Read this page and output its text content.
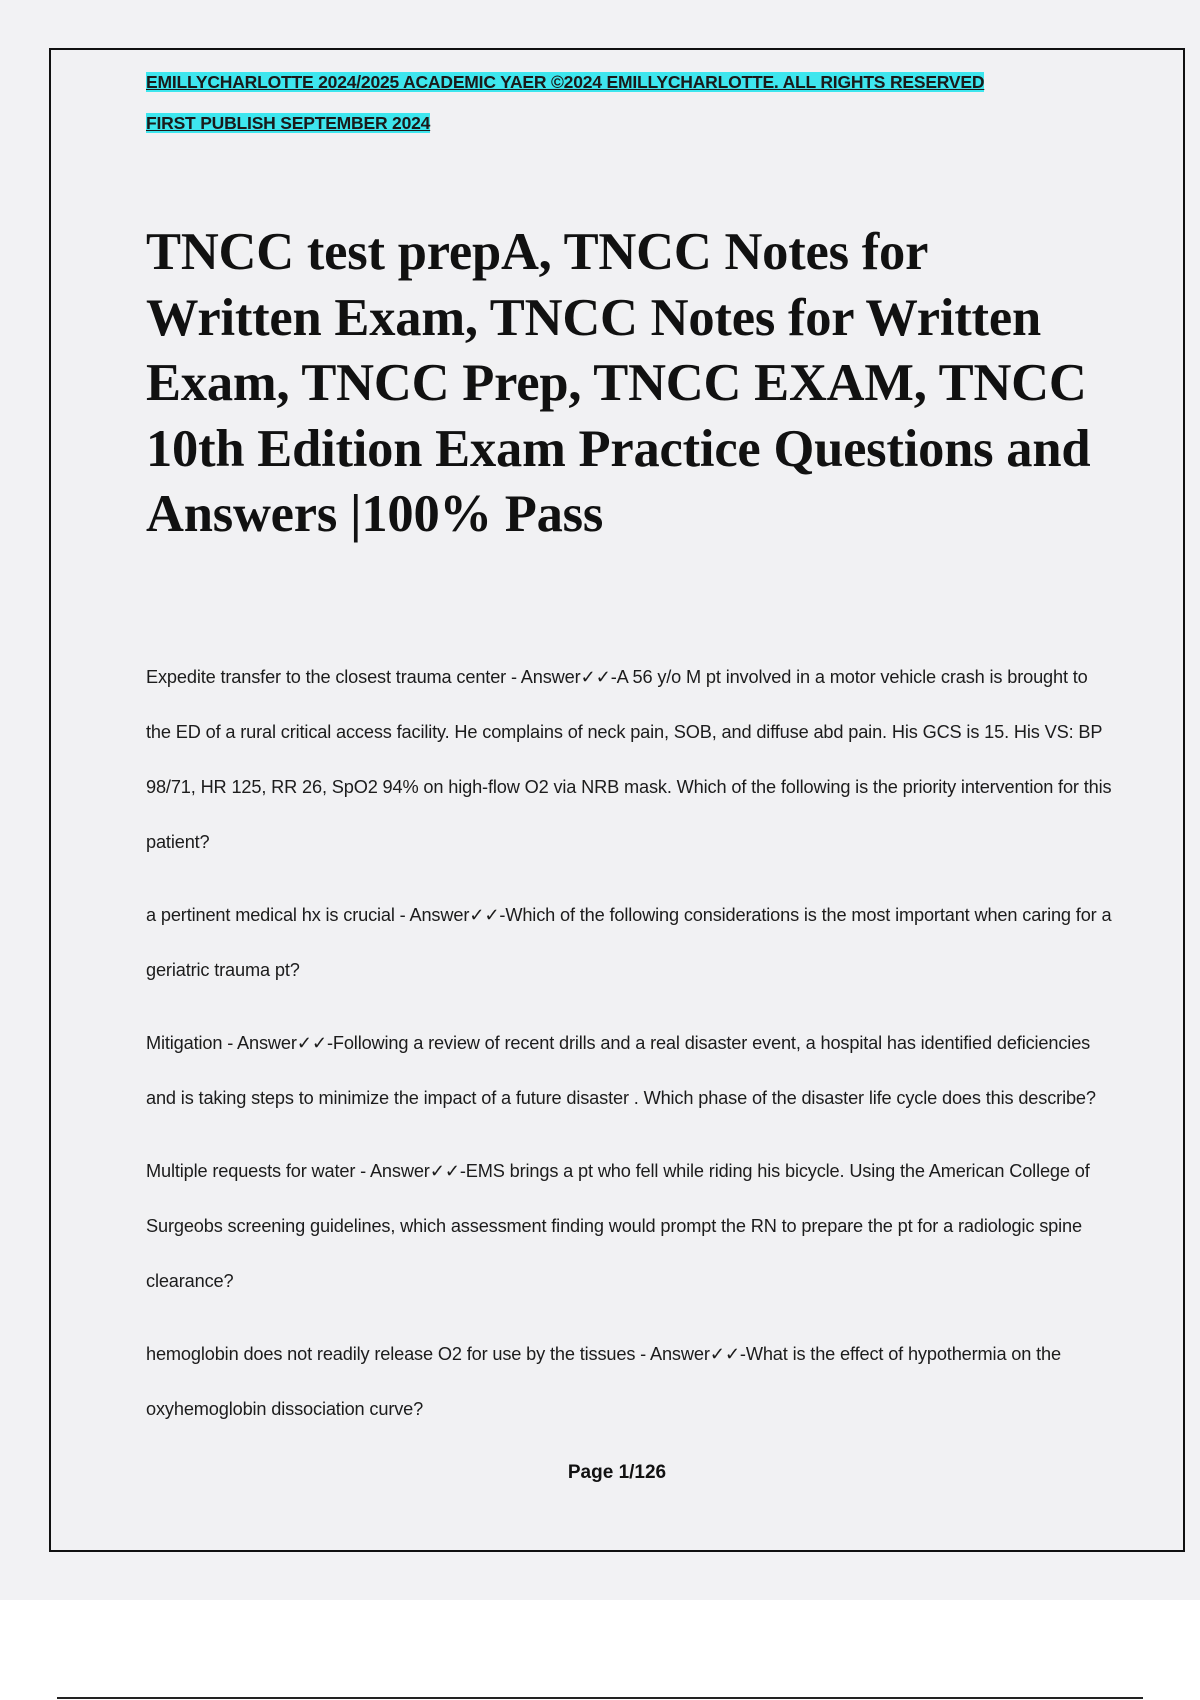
EMILLYCHARLOTTE 2024/2025 ACADEMIC YAER ©2024 EMILLYCHARLOTTE. ALL RIGHTS RESERVED
FIRST PUBLISH SEPTEMBER 2024
TNCC test prepA, TNCC Notes for Written Exam, TNCC Notes for Written Exam, TNCC Prep, TNCC EXAM, TNCC 10th Edition Exam Practice Questions and Answers |100% Pass

Expedite transfer to the closest trauma center - Answer✓✓-A 56 y/o M pt involved in a motor vehicle crash is brought to the ED of a rural critical access facility. He complains of neck pain, SOB, and diffuse abd pain. His GCS is 15. His VS: BP 98/71, HR 125, RR 26, SpO2 94% on high-flow O2 via NRB mask. Which of the following is the priority intervention for this patient?

a pertinent medical hx is crucial - Answer✓✓-Which of the following considerations is the most important when caring for a geriatric trauma pt?

Mitigation - Answer✓✓-Following a review of recent drills and a real disaster event, a hospital has identified deficiencies and is taking steps to minimize the impact of a future disaster . Which phase of the disaster life cycle does this describe?

Multiple requests for water - Answer✓✓-EMS brings a pt who fell while riding his bicycle. Using the American College of Surgeobs screening guidelines, which assessment finding would prompt the RN to prepare the pt for a radiologic spine clearance?

hemoglobin does not readily release O2 for use by the tissues - Answer✓✓-What is the effect of hypothermia on the oxyhemoglobin dissociation curve?

Page 1/126
